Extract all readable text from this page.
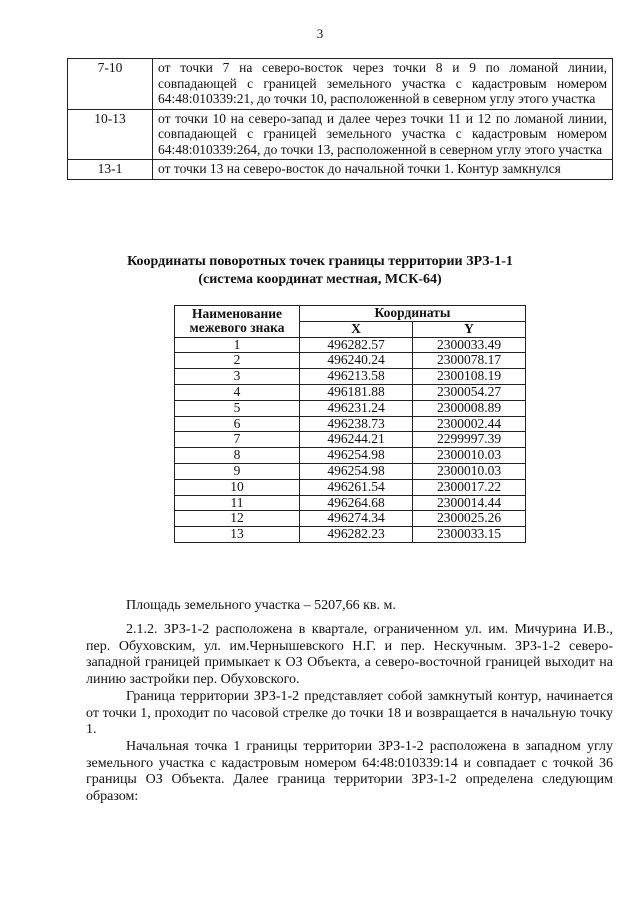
3
7-10	от точки 7 на северо-восток через точки 8 и 9 по ломаной линии, совпадающей с границей земельного участка с кадастровым номером 64:48:010339:21, до точки 10, расположенной в северном углу этого участка
10-13	от точки 10 на северо-запад и далее через точки 11 и 12 по ломаной линии, совпадающей с границей земельного участка с кадастровым номером 64:48:010339:264, до точки 13, расположенной в северном углу этого участка
13-1	от точки 13 на северо-восток до начальной точки 1. Контур замкнулся
Координаты поворотных точек границы территории ЗРЗ-1-1
(система координат местная, МСК-64)
Наименование
межевого знака	Координаты	
	X	Y
1	496282.57	2300033.49
2	496240.24	2300078.17
3	496213.58	2300108.19
4	496181.88	2300054.27
5	496231.24	2300008.89
6	496238.73	2300002.44
7	496244.21	2299997.39
8	496254.98	2300010.03
9	496254.98	2300010.03
10	496261.54	2300017.22
11	496264.68	2300014.44
12	496274.34	2300025.26
13	496282.23	2300033.15

Площадь земельного участка – 5207,66 кв. м.

2.1.2. ЗРЗ-1-2 расположена в квартале, ограниченном ул. им. Мичурина И.В., пер. Обуховским, ул. им.Чернышевского Н.Г. и пер. Нескучным. ЗРЗ-1-2 северо-западной границей примыкает к ОЗ Объекта, а северо-восточной границей выходит на линию застройки пер. Обуховского.

Граница территории ЗРЗ-1-2 представляет собой замкнутый контур, начинается от точки 1, проходит по часовой стрелке до точки 18 и возвращается в начальную точку 1.

Начальная точка 1 границы территории ЗРЗ-1-2 расположена в западном углу земельного участка с кадастровым номером 64:48:010339:14 и совпадает с точкой 36 границы ОЗ Объекта. Далее граница территории ЗРЗ-1-2 определена следующим образом:
